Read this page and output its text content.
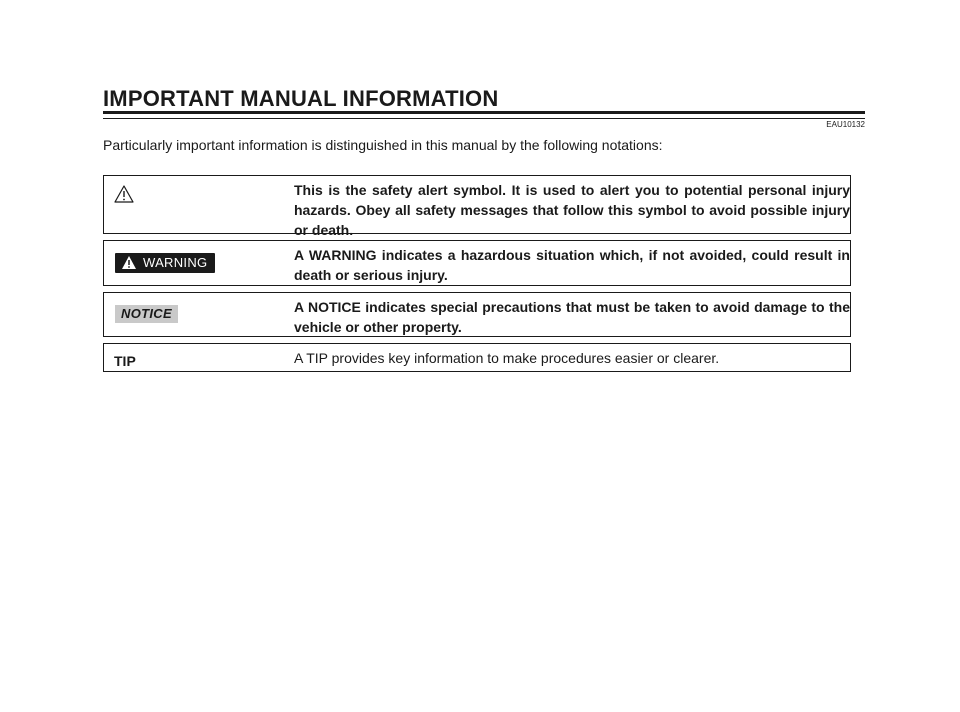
IMPORTANT MANUAL INFORMATION
EAU10132
Particularly important information is distinguished in this manual by the following notations:
This is the safety alert symbol. It is used to alert you to potential personal injury hazards. Obey all safety messages that follow this symbol to avoid possible injury or death.
WARNING	A WARNING indicates a hazardous situation which, if not avoided, could result in death or serious injury.
NOTICE	A NOTICE indicates special precautions that must be taken to avoid damage to the vehicle or other property.
TIP	A TIP provides key information to make procedures easier or clearer.
